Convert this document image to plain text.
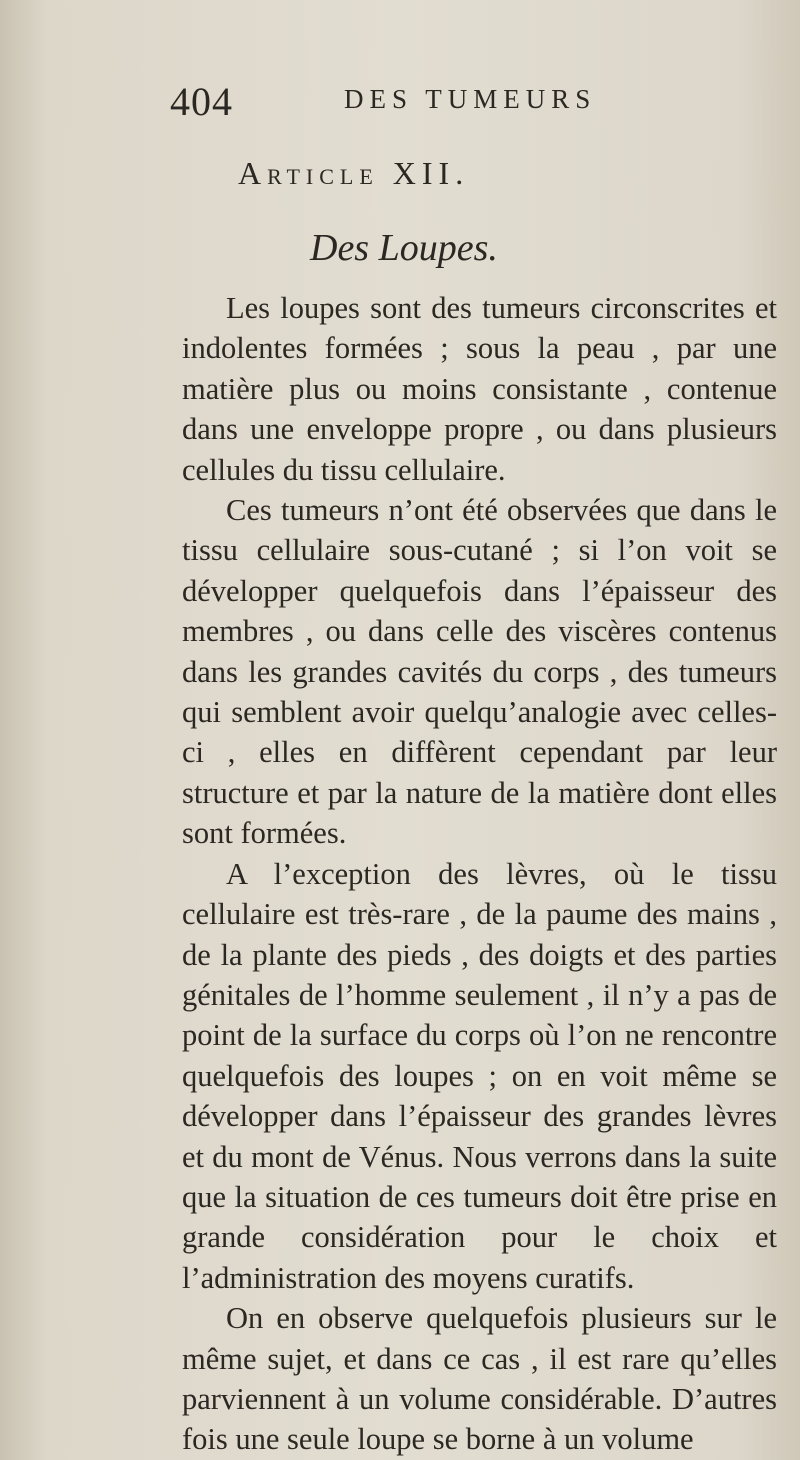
404	DES TUMEURS
Article XII.
Des Loupes.

Les loupes sont des tumeurs circonscrites et indolentes formées ; sous la peau , par une matière plus ou moins consistante , contenue dans une enveloppe propre , ou dans plusieurs cellules du tissu cellulaire.

Ces tumeurs n’ont été observées que dans le tissu cellulaire sous-cutané ; si l’on voit se développer quelquefois dans l’épaisseur des membres , ou dans celle des viscères contenus dans les grandes cavités du corps , des tumeurs qui semblent avoir quelqu’analogie avec celles-ci , elles en diffèrent cependant par leur structure et par la nature de la matière dont elles sont formées.

A l’exception des lèvres, où le tissu cellulaire est très-rare , de la paume des mains , de la plante des pieds , des doigts et des parties génitales de l’homme seulement , il n’y a pas de point de la surface du corps où l’on ne rencontre quelquefois des loupes ; on en voit même se développer dans l’épaisseur des grandes lèvres et du mont de Vénus. Nous verrons dans la suite que la situation de ces tumeurs doit être prise en grande considération pour le choix et l’administration des moyens curatifs.

On en observe quelquefois plusieurs sur le même sujet, et dans ce cas , il est rare qu’elles parviennent à un volume considérable. D’autres fois une seule loupe se borne à un volume
